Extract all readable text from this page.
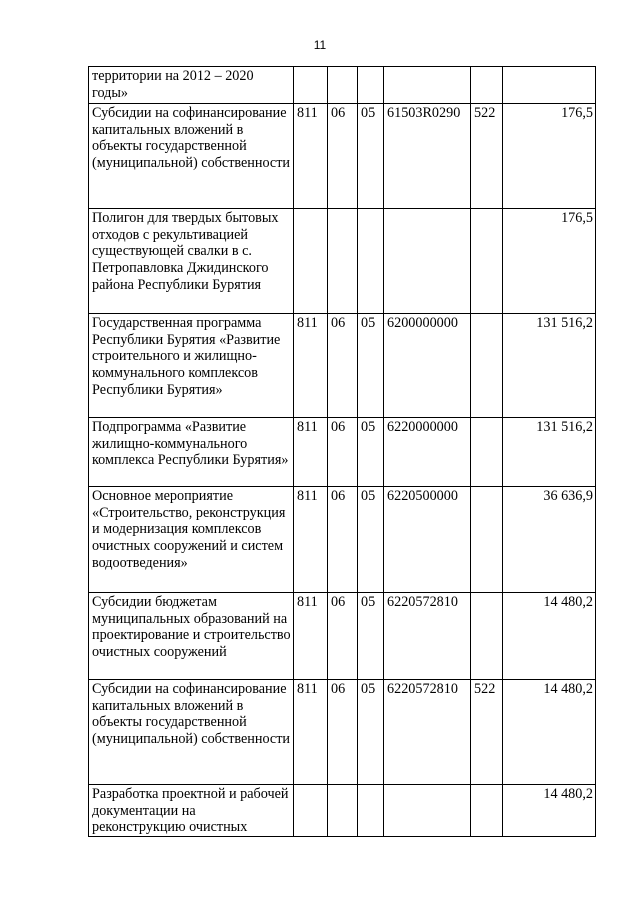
11
территории на 2012 – 2020 годы»						
Субсидии на софинансирование капитальных вложений в объекты государственной (муниципальной) собственности	811	06	05	61503R0290	522	176,5
Полигон для твердых бытовых отходов с рекультивацией существующей свалки в с. Петропавловка Джидинского района Республики Бурятия						176,5
Государственная программа Республики Бурятия «Развитие строительного и жилищно-коммунального комплексов Республики Бурятия»	811	06	05	6200000000		131 516,2
Подпрограмма «Развитие жилищно-коммунального комплекса Республики Бурятия»	811	06	05	6220000000		131 516,2
Основное мероприятие «Строительство, реконструкция и модернизация комплексов очистных сооружений и систем водоотведения»	811	06	05	6220500000		36 636,9
Субсидии бюджетам муниципальных образований на проектирование и строительство очистных сооружений	811	06	05	6220572810		14 480,2
Субсидии на софинансирование капитальных вложений в объекты государственной (муниципальной) собственности	811	06	05	6220572810	522	14 480,2
Разработка проектной и рабочей документации на реконструкцию очистных						14 480,2
